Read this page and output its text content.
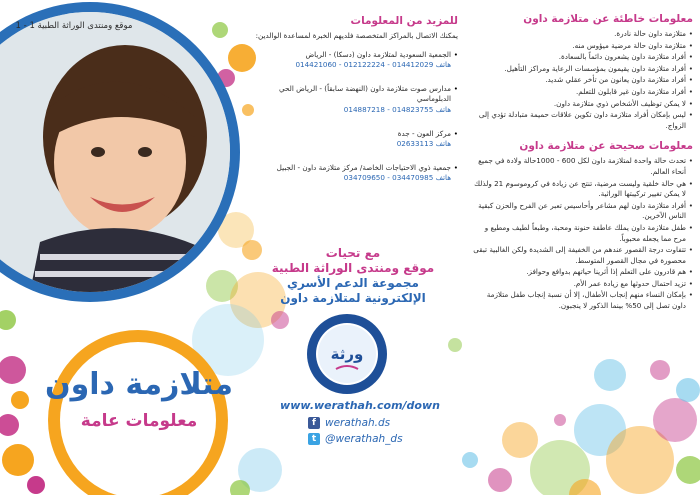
موقع ومنتدى الوراثة الطبية 1 - 1
معلومات خاطئة عن متلازمة داون
• متلازمة داون حالة نادرة.
• متلازمة داون حالة مرضية ميؤوس منه.
• أفراد متلازمة داون يشعرون دائماً بالسعادة.
• أفراد متلازمة داون يقيمون بمؤسسات الرعاية ومراكز التأهيل.
• أفراد متلازمة داون يعانون من تأخر عقلي شديد.
• أفراد متلازمة داون غير قابلون للتعلم.
• لا يمكن توظيف الأشخاص ذوي متلازمة داون.
• ليس بإمكان أفراد متلازمة داون تكوين علاقات حميمة متبادلة تؤدي إلى الزواج.
معلومات صحيحة عن متلازمة داون
• تحدث حالة واحدة لمتلازمة داون لكل 600 - 1000حالة ولادة في جميع أنحاء العالم.
• هي حالة خلقية وليست مرضية، تنتج عن زيادة في كروموسوم 21 ولذلك لا يمكن تغيير تركيبتها الوراثية.
• أفراد متلازمة داون لهم مشاعر وأحاسيس تعبر عن الفرح والحزن كبقية الناس الآخرين.
• طفل متلازمة داون يملك عاطفة حنونة ومحبة، وطبعاً لطيف ومطيع و مرح مما يجعله محبوباً.
• تتفاوت درجة القصور عندهم من الخفيفة إلى الشديدة ولكن الغالبية تبقى محصورة في مجال القصور المتوسط.
• هم قادرون على التعلم إذا أثرينا حياتهم بدوافع وحوافز.
• تزيد احتمال حدوثها مع زيادة عمر الأم.
• بإمكان النساء منهم إنجاب الأطفال، إلا أن نسبة إنجاب طفل متلازمة داون تصل إلى 50% بينما الذكور لا ينجبون.
للمزيد من المعلومات
يمكنك الاتصال بالمراكز المتخصصة فلديهم الخبرة لمساعدة الوالدين:
• الجمعية السعودية لمتلازمة داون (دسكا) - الرياض
هاتف 014412029 - 012122224 - 014421060
• مدارس صوت متلازمة داون (النهضة سابقاً) - الرياض الحي الدبلوماسي
هاتف 014823755 - 014887218
• مركز العون - جدة
هاتف 02633113
• جمعية ذوي الاحتياجات الخاصة/ مركز متلازمة داون - الجبيل
هاتف 034470985 - 034709650
مع تحيات
موقع ومنتدى الوراثة الطبية
مجموعة الدعم الأسري
الإلكترونية لمتلازمة داون
ورثة
www.werathah.com/down
f werathah.ds
t @werathah_ds
متلازمة داون
معلومات عامة
